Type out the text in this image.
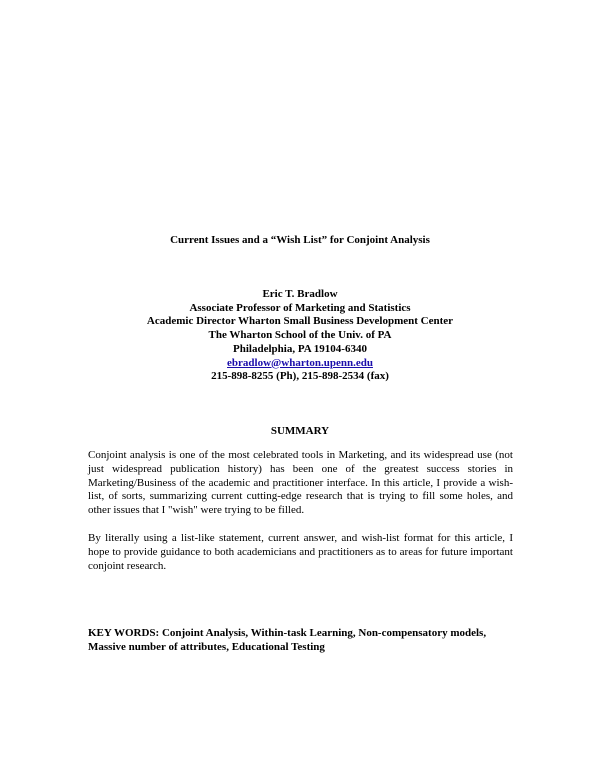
Current Issues and a “Wish List” for Conjoint Analysis
Eric T. Bradlow
Associate Professor of Marketing and Statistics
Academic Director Wharton Small Business Development Center
The Wharton School of the Univ. of PA
Philadelphia, PA 19104-6340
ebradlow@wharton.upenn.edu
215-898-8255 (Ph), 215-898-2534 (fax)
SUMMARY

Conjoint analysis is one of the most celebrated tools in Marketing, and its widespread use (not just widespread publication history) has been one of the greatest success stories in Marketing/Business of the academic and practitioner interface. In this article, I provide a wish-list, of sorts, summarizing current cutting-edge research that is trying to fill some holes, and other issues that I "wish" were trying to be filled.

By literally using a list-like statement, current answer, and wish-list format for this article, I hope to provide guidance to both academicians and practitioners as to areas for future important conjoint research.

KEY WORDS: Conjoint Analysis, Within-task Learning, Non-compensatory models, Massive number of attributes, Educational Testing
